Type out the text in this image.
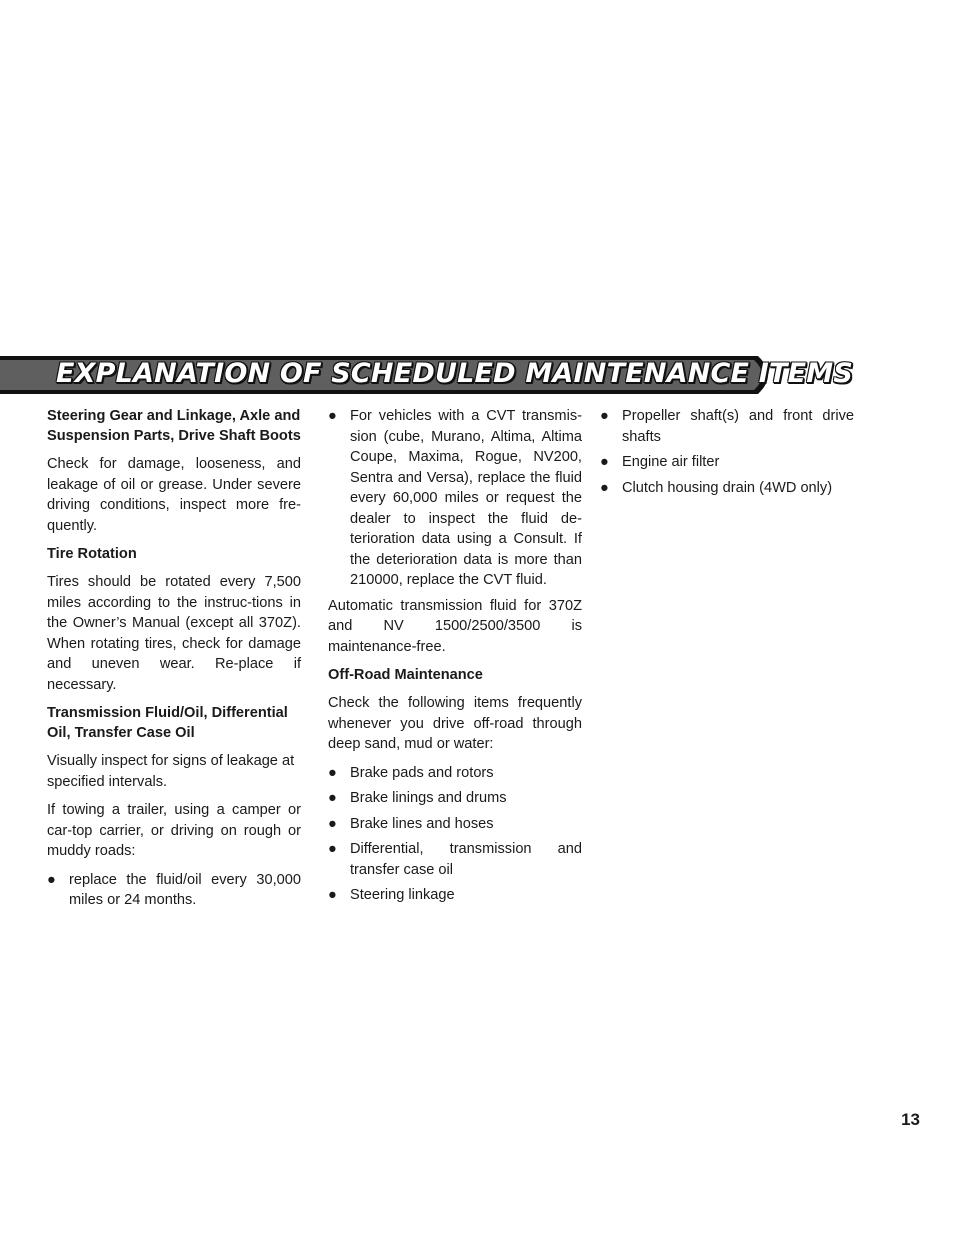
EXPLANATION OF SCHEDULED MAINTENANCE ITEMS
Steering Gear and Linkage, Axle and Suspension Parts, Drive Shaft Boots
Check for damage, looseness, and leakage of oil or grease. Under severe driving conditions, inspect more fre-quently.
Tire Rotation
Tires should be rotated every 7,500 miles according to the instruc-tions in the Owner’s Manual (except all 370Z). When rotating tires, check for damage and uneven wear. Re-place if necessary.
Transmission Fluid/Oil, Differential Oil, Transfer Case Oil
Visually inspect for signs of leakage at specified intervals.
If towing a trailer, using a camper or car-top carrier, or driving on rough or muddy roads:
● replace the fluid/oil every 30,000 miles or 24 months.
● For vehicles with a CVT transmis-sion (cube, Murano, Altima, Altima Coupe, Maxima, Rogue, NV200, Sentra and Versa), replace the fluid every 60,000 miles or request the dealer to inspect the fluid de-terioration data using a Consult. If the deterioration data is more than 210000, replace the CVT fluid.
Automatic transmission fluid for 370Z and NV 1500/2500/3500 is maintenance-free.
Off-Road Maintenance
Check the following items frequently whenever you drive off-road through deep sand, mud or water:
● Brake pads and rotors
● Brake linings and drums
● Brake lines and hoses
● Differential, transmission and transfer case oil
● Steering linkage
● Propeller shaft(s) and front drive shafts
● Engine air filter
● Clutch housing drain (4WD only)
13
